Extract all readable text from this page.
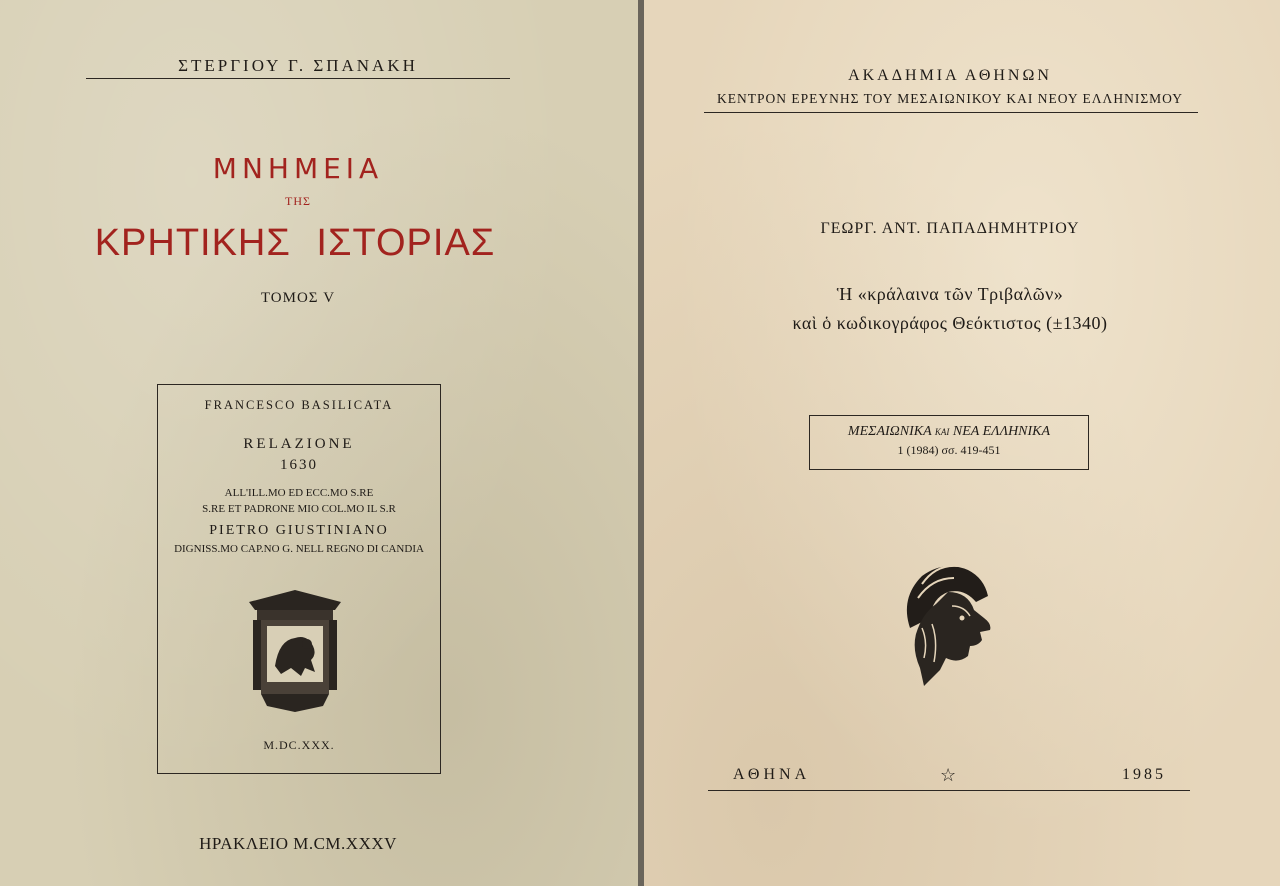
ΣΤΕΡΓΙΟΥ Γ. ΣΠΑΝΑΚΗ
ΜΝΗΜΕΙΑ
ΤΗΣ
ΚΡΗΤΙΚΗΣ ΙΣΤΟΡΙΑΣ
ΤΟΜΟΣ V
FRANCESCO BASILICATA
RELAZIONE
1630
ALL'ILL.MO ED ECC.MO S.RE
S.RE ET PADRONE MIO COL.MO IL S.R
PIETRO GIUSTINIANO
DIGNISS.MO CAP.NO G. NELL REGNO DI CANDIA
M.DC.XXX.
ΗΡΑΚΛΕΙΟ Μ.CM.XXXV
ΑΚΑΔΗΜΙΑ ΑΘΗΝΩΝ
ΚΕΝΤΡΟΝ ΕΡΕΥΝΗΣ ΤΟΥ ΜΕΣΑΙΩΝΙΚΟΥ ΚΑΙ ΝΕΟΥ ΕΛΛΗΝΙΣΜΟΥ
ΓΕΩΡΓ. ΑΝΤ. ΠΑΠΑΔΗΜΗΤΡΙΟΥ
Ἡ «κράλαινα τῶν Τριβαλῶν»
καὶ ὁ κωδικογράφος Θεόκτιστος (±1340)
ΜΕΣΑΙΩΝΙΚΑ ΚΑΙ ΝΕΑ ΕΛΛΗΝΙΚΑ
1 (1984) σσ. 419-451
ΑΘΗΝΑ	☆	1985
